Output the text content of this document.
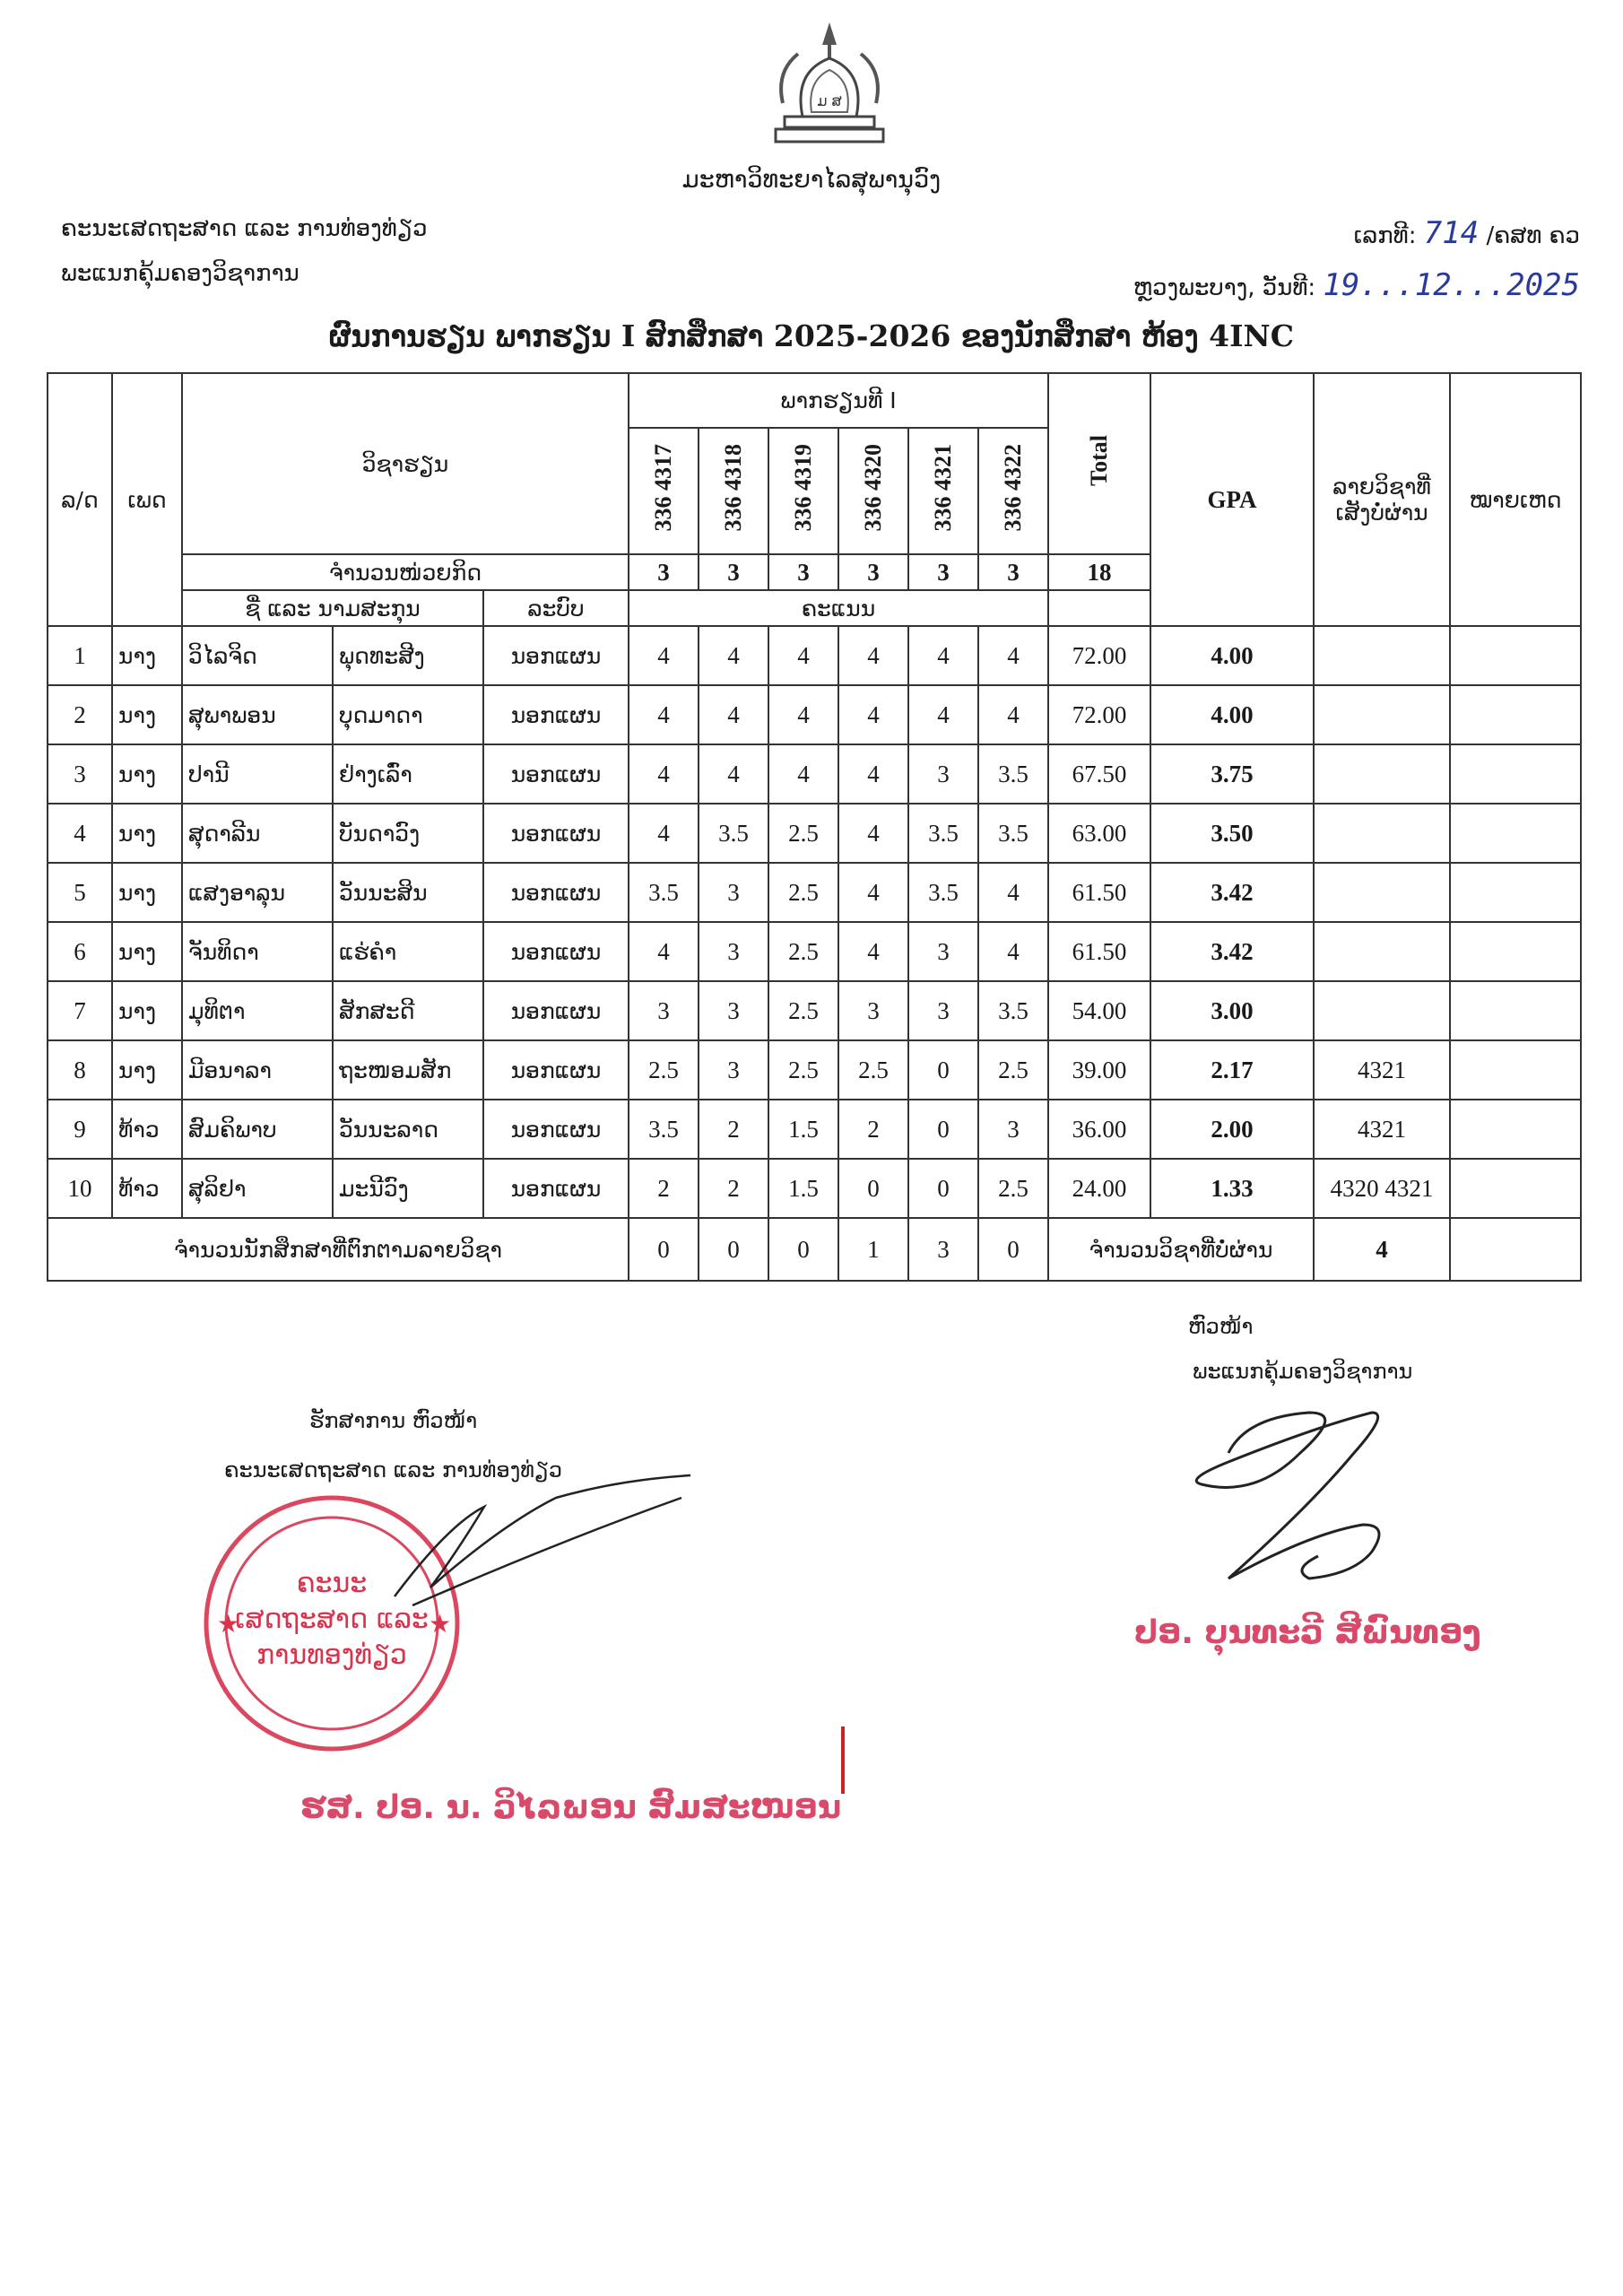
ມ ສ
ມະຫາວິທະຍາໄລສຸພານຸວົງ
ຄະນະເສດຖະສາດ ແລະ ການທ່ອງທ່ຽວ
ພະແນກຄຸ້ມຄອງວິຊາການ
ເລກທີ: 714 /ຄສທ ຄວ
ຫຼວງພະບາງ, ວັນທີ: 19...12...2025
ຜົນການຮຽນ ພາກຮຽນ I ສົກສຶກສາ 2025-2026 ຂອງນັກສຶກສາ ຫ້ອງ 4INC
ລ/ດ	ເພດ	ວິຊາຮຽນ			ພາກຮຽນທີ I						Total	GPA	ລາຍວິຊາທີ່ເສັງບໍ່ຜ່ານ	ໝາຍເຫດ
					336 4317	336 4318	336 4319	336 4320	336 4321	336 4322				
		ຈຳນວນໜ່ວຍກິດ			3	3	3	3	3	3	18			
		ຊື່ ແລະ ນາມສະກຸນ		ລະບົບ	ຄະແນນ									
1	ນາງ	ວິໄລຈິດ	ພຸດທະສີງ	ນອກແຜນ	4	4	4	4	4	4	72.00	4.00		
2	ນາງ	ສຸພາພອນ	ບຸດມາດາ	ນອກແຜນ	4	4	4	4	4	4	72.00	4.00		
3	ນາງ	ປານີ	ຢ່າງເລົ່າ	ນອກແຜນ	4	4	4	4	3	3.5	67.50	3.75		
4	ນາງ	ສຸດາລີນ	ບັນດາວົງ	ນອກແຜນ	4	3.5	2.5	4	3.5	3.5	63.00	3.50		
5	ນາງ	ແສງອາລຸນ	ວັນນະສິນ	ນອກແຜນ	3.5	3	2.5	4	3.5	4	61.50	3.42		
6	ນາງ	ຈັນທິດາ	ແຮ່ຄຳ	ນອກແຜນ	4	3	2.5	4	3	4	61.50	3.42		
7	ນາງ	ມຸທິຕາ	ສັກສະດີ	ນອກແຜນ	3	3	2.5	3	3	3.5	54.00	3.00		
8	ນາງ	ມີອນາລາ	ຖະໜອມສັກ	ນອກແຜນ	2.5	3	2.5	2.5	0	2.5	39.00	2.17	4321	
9	ທ້າວ	ສົມຄິພາບ	ວັນນະລາດ	ນອກແຜນ	3.5	2	1.5	2	0	3	36.00	2.00	4321	
10	ທ້າວ	ສຸລິຢາ	ມະນີວົງ	ນອກແຜນ	2	2	1.5	0	0	2.5	24.00	1.33	4320 4321	
ຈຳນວນນັກສຶກສາທີ່ຕົກຕາມລາຍວິຊາ					0	0	0	1	3	0	ຈຳນວນວິຊາທີ່ບໍ່ຜ່ານ		4	
ຫົວໜ້າ
ພະແນກຄຸ້ມຄອງວິຊາການ
ຮັກສາການ ຫົວໜ້າ
ຄະນະເສດຖະສາດ ແລະ ການທ່ອງທ່ຽວ
ຄະນະ
ເສດຖະສາດ ແລະ
ການທອງທ່ຽວ
★	★	ປອ. ບຸນທະວີ ສີພົນທອງ
ຮສ. ປອ. ນ. ວິໄລພອນ ສົມສະໜອນ
